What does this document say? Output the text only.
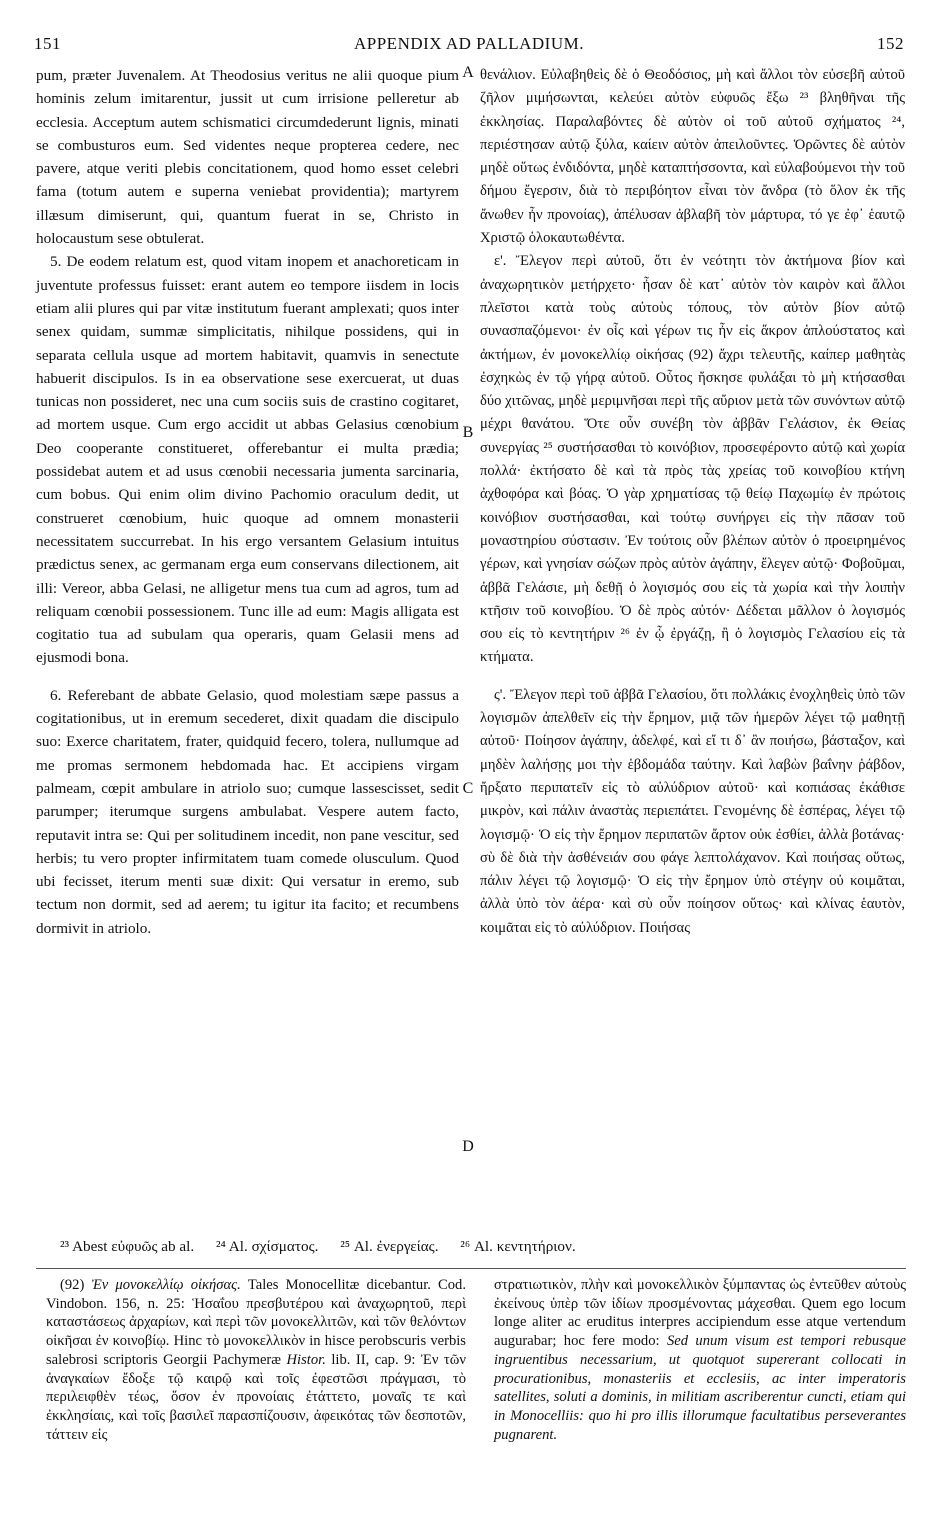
151	APPENDIX AD PALLADIUM.	152

pum, præter Juvenalem. At Theodosius veritus ne alii quoque pium hominis zelum imitarentur, jussit ut cum irrisione pelleretur ab ecclesia. Acceptum autem schismatici circumdederunt lignis, minati se combusturos eum. Sed videntes neque propterea cedere, nec pavere, atque veriti plebis concitationem, quod homo esset celebri fama (totum autem e superna veniebat providentia); martyrem illæsum dimiserunt, qui, quantum fuerat in se, Christo in holocaustum sese obtulerat.

5. De eodem relatum est, quod vitam inopem et anachoreticam in juventute professus fuisset: erant autem eo tempore iisdem in locis etiam alii plures qui par vitæ institutum fuerant amplexati; quos inter senex quidam, summæ simplicitatis, nihilque possidens, qui in separata cellula usque ad mortem habitavit, quamvis in senectute habuerit discipulos. Is in ea observatione sese exercuerat, ut duas tunicas non possideret, nec una cum sociis suis de crastino cogitaret, ad mortem usque. Cum ergo accidit ut abbas Gelasius cœnobium Deo cooperante constitueret, offerebantur ei multa prædia; possidebat autem et ad usus cœnobii necessaria jumenta sarcinaria, cum bobus. Qui enim olim divino Pachomio oraculum dedit, ut construeret cœnobium, huic quoque ad omnem monasterii necessitatem succurrebat. In his ergo versantem Gelasium intuitus prædictus senex, ac germanam erga eum conservans dilectionem, ait illi: Vereor, abba Gelasi, ne alligetur mens tua cum ad agros, tum ad reliquam cœnobii possessionem. Tunc ille ad eum: Magis alligata est cogitatio tua ad subulam qua operaris, quam Gelasii mens ad ejusmodi bona.

6. Referebant de abbate Gelasio, quod molestiam sæpe passus a cogitationibus, ut in eremum secederet, dixit quadam die discipulo suo: Exerce charitatem, frater, quidquid fecero, tolera, nullumque ad me promas sermonem hebdomada hac. Et accipiens virgam palmeam, cœpit ambulare in atriolo suo; cumque lassescisset, sedit parumper; iterumque surgens ambulabat. Vespere autem facto, reputavit intra se: Qui per solitudinem incedit, non pane vescitur, sed herbis; tu vero propter infirmitatem tuam comede olusculum. Quod ubi fecisset, iterum menti suæ dixit: Qui versatur in eremo, sub tectum non dormit, sed ad aerem; tu igitur ita facito; et recumbens dormivit in atriolo.

A
B
C
D

θενάλιον. Εὐλαβηθεὶς δὲ ὁ Θεοδόσιος, μὴ καὶ ἄλλοι τὸν εὐσεβῆ αὐτοῦ ζῆλον μιμήσωνται, κελεύει αὐτὸν εὐφυῶς ἔξω ²³ βληθῆναι τῆς ἐκκλησίας. Παραλαβόντες δὲ αὐτὸν οἱ τοῦ αὐτοῦ σχήματος ²⁴, περιέστησαν αὐτῷ ξύλα, καίειν αὐτὸν ἀπειλοῦντες. Ὁρῶντες δὲ αὐτὸν μηδὲ οὕτως ἐνδιδόντα, μηδὲ καταπτήσσοντα, καὶ εὐλαβούμενοι τὴν τοῦ δήμου ἔγερσιν, διὰ τὸ περιβόητον εἶναι τὸν ἄνδρα (τὸ ὅλον ἐκ τῆς ἄνωθεν ἦν προνοίας), ἀπέλυσαν ἀβλαβῆ τὸν μάρτυρα, τό γε ἐφ᾽ ἑαυτῷ Χριστῷ ὁλοκαυτωθέντα.

ε'. Ἔλεγον περὶ αὐτοῦ, ὅτι ἐν νεότητι τὸν ἀκτήμονα βίον καὶ ἀναχωρητικὸν μετήρχετο· ἦσαν δὲ κατ᾽ αὐτὸν τὸν καιρὸν καὶ ἄλλοι πλεῖστοι κατὰ τοὺς αὐτοὺς τόπους, τὸν αὐτὸν βίον αὐτῷ συνασπαζόμενοι· ἐν οἷς καὶ γέρων τις ἦν εἰς ἄκρον ἁπλούστατος καὶ ἀκτήμων, ἐν μονοκελλίῳ οἰκήσας (92) ἄχρι τελευτῆς, καίπερ μαθητὰς ἐσχηκὼς ἐν τῷ γήρᾳ αὐτοῦ. Οὗτος ἤσκησε φυλάξαι τὸ μὴ κτήσασθαι δύο χιτῶνας, μηδὲ μεριμνῆσαι περὶ τῆς αὔριον μετὰ τῶν συνόντων αὐτῷ μέχρι θανάτου. Ὅτε οὖν συνέβη τὸν ἀββᾶν Γελάσιον, ἐκ Θείας συνεργίας ²⁵ συστήσασθαι τὸ κοινόβιον, προσεφέροντο αὐτῷ καὶ χωρία πολλά· ἐκτήσατο δὲ καὶ τὰ πρὸς τὰς χρείας τοῦ κοινοβίου κτήνη ἀχθοφόρα καὶ βόας. Ὁ γὰρ χρηματίσας τῷ θείῳ Παχωμίῳ ἐν πρώτοις κοινόβιον συστήσασθαι, καὶ τούτῳ συνήργει εἰς τὴν πᾶσαν τοῦ μοναστηρίου σύστασιν. Ἐν τούτοις οὖν βλέπων αὐτὸν ὁ προειρημένος γέρων, καὶ γνησίαν σώζων πρὸς αὐτὸν ἀγάπην, ἔλεγεν αὐτῷ· Φοβοῦμαι, ἀββᾶ Γελάσιε, μὴ δεθῇ ὁ λογισμός σου εἰς τὰ χωρία καὶ τὴν λοιπὴν κτῆσιν τοῦ κοινοβίου. Ὁ δὲ πρὸς αὐτόν· Δέδεται μᾶλλον ὁ λογισμός σου εἰς τὸ κεντητήριν ²⁶ ἐν ᾧ ἐργάζῃ, ἢ ὁ λογισμὸς Γελασίου εἰς τὰ κτήματα.

ς'. Ἔλεγον περὶ τοῦ ἀββᾶ Γελασίου, ὅτι πολλάκις ἐνοχληθεὶς ὑπὸ τῶν λογισμῶν ἀπελθεῖν εἰς τὴν ἔρημον, μιᾷ τῶν ἡμερῶν λέγει τῷ μαθητῇ αὐτοῦ· Ποίησον ἀγάπην, ἀδελφέ, καὶ εἴ τι δ᾽ ἂν ποιήσω, βάσταξον, καὶ μηδὲν λαλήσῃς μοι τὴν ἑβδομάδα ταύτην. Καὶ λαβὼν βαΐνην ῥάβδον, ἤρξατο περιπατεῖν εἰς τὸ αὐλύδριον αὐτοῦ· καὶ κοπιάσας ἐκάθισε μικρὸν, καὶ πάλιν ἀναστὰς περιεπάτει. Γενομένης δὲ ἑσπέρας, λέγει τῷ λογισμῷ· Ὁ εἰς τὴν ἔρημον περιπατῶν ἄρτον οὐκ ἐσθίει, ἀλλὰ βοτάνας· σὺ δὲ διὰ τὴν ἀσθένειάν σου φάγε λεπτολάχανον. Καὶ ποιήσας οὕτως, πάλιν λέγει τῷ λογισμῷ· Ὁ εἰς τὴν ἔρημον ὑπὸ στέγην οὐ κοιμᾶται, ἀλλὰ ὑπὸ τὸν ἀέρα· καὶ σὺ οὖν ποίησον οὕτως· καὶ κλίνας ἑαυτὸν, κοιμᾶται εἰς τὸ αὐλύδριον. Ποιήσας

²³ Abest εὐφυῶς ab al. ²⁴ Al. σχίσματος. ²⁵ Al. ἐνεργείας. ²⁶ Al. κεντητήριον.

(92) Ἐν μονοκελλίῳ οἰκήσας. Tales Monocellitæ dicebantur. Cod. Vindobon. 156, n. 25: Ἡσαΐου πρεσβυτέρου καὶ ἀναχωρητοῦ, περὶ καταστάσεως ἀρχαρίων, καὶ περὶ τῶν μονοκελλιτῶν, καὶ τῶν θελόντων οἰκῆσαι ἐν κοινοβίῳ. Hinc τὸ μονοκελλικὸν in hisce perobscuris verbis salebrosi scriptoris Georgii Pachymeræ Histor. lib. II, cap. 9: Ἐν τῶν ἀναγκαίων ἔδοξε τῷ καιρῷ καὶ τοῖς ἐφεστῶσι πράγμασι, τὸ περιλειφθὲν τέως, ὅσον ἐν προνοίαις ἐτάττετο, μοναῖς τε καὶ ἐκκλησίαις, καὶ τοῖς βασιλεῖ παρασπίζουσιν, ἀφεικότας τῶν δεσποτῶν, τάττειν εἰς

στρατιωτικὸν, πλὴν καὶ μονοκελλικὸν ξύμπαντας ὡς ἐντεῦθεν αὐτοὺς ἐκείνους ὑπὲρ τῶν ἰδίων προσμένοντας μάχεσθαι. Quem ego locum longe aliter ac eruditus interpres accipiendum esse atque vertendum augurabar; hoc fere modo: Sed unum visum est tempori rebusque ingruentibus necessarium, ut quotquot supererant collocati in procurationibus, monasteriis et ecclesiis, ac inter imperatoris satellites, soluti a dominis, in militiam ascriberentur cuncti, etiam qui in Monocelliis: quo hi pro illis illorumque facultatibus perseverantes pugnarent.
